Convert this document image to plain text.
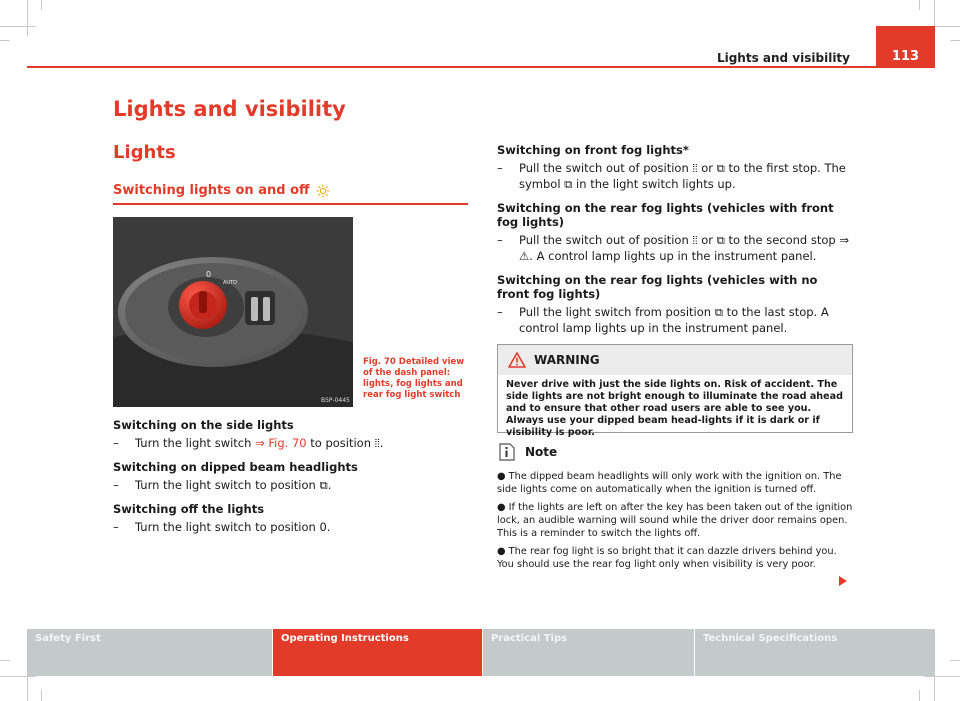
113
Lights and visibility
Lights and visibility
Lights
Switching lights on and off
0
AUTO
B5P-0445
Fig. 70 Detailed view of the dash panel: lights, fog lights and rear fog light switch
Switching on the side lights
–	Turn the light switch ⇒ Fig. 70 to position ⦙⦙.
Switching on dipped beam headlights
–	Turn the light switch to position ⧉.
Switching off the lights
–	Turn the light switch to position 0.
Switching on front fog lights*
–	Pull the switch out of position ⦙⦙ or ⧉ to the first stop. The symbol ⧉ in the light switch lights up.
Switching on the rear fog lights (vehicles with front fog lights)
–	Pull the switch out of position ⦙⦙ or ⧉ to the second stop ⇒ ⚠. A control lamp lights up in the instrument panel.
Switching on the rear fog lights (vehicles with no front fog lights)
–	Pull the light switch from position ⧉ to the last stop. A control lamp lights up in the instrument panel.
WARNING
Never drive with just the side lights on. Risk of accident. The side lights are not bright enough to illuminate the road ahead and to ensure that other road users are able to see you. Always use your dipped beam head-lights if it is dark or if visibility is poor.
Note

● The dipped beam headlights will only work with the ignition on. The side lights come on automatically when the ignition is turned off.

● If the lights are left on after the key has been taken out of the ignition lock, an audible warning will sound while the driver door remains open. This is a reminder to switch the lights off.

● The rear fog light is so bright that it can dazzle drivers behind you. You should use the rear fog light only when visibility is very poor.

Safety First	Operating Instructions	Practical Tips	Technical Specifications
